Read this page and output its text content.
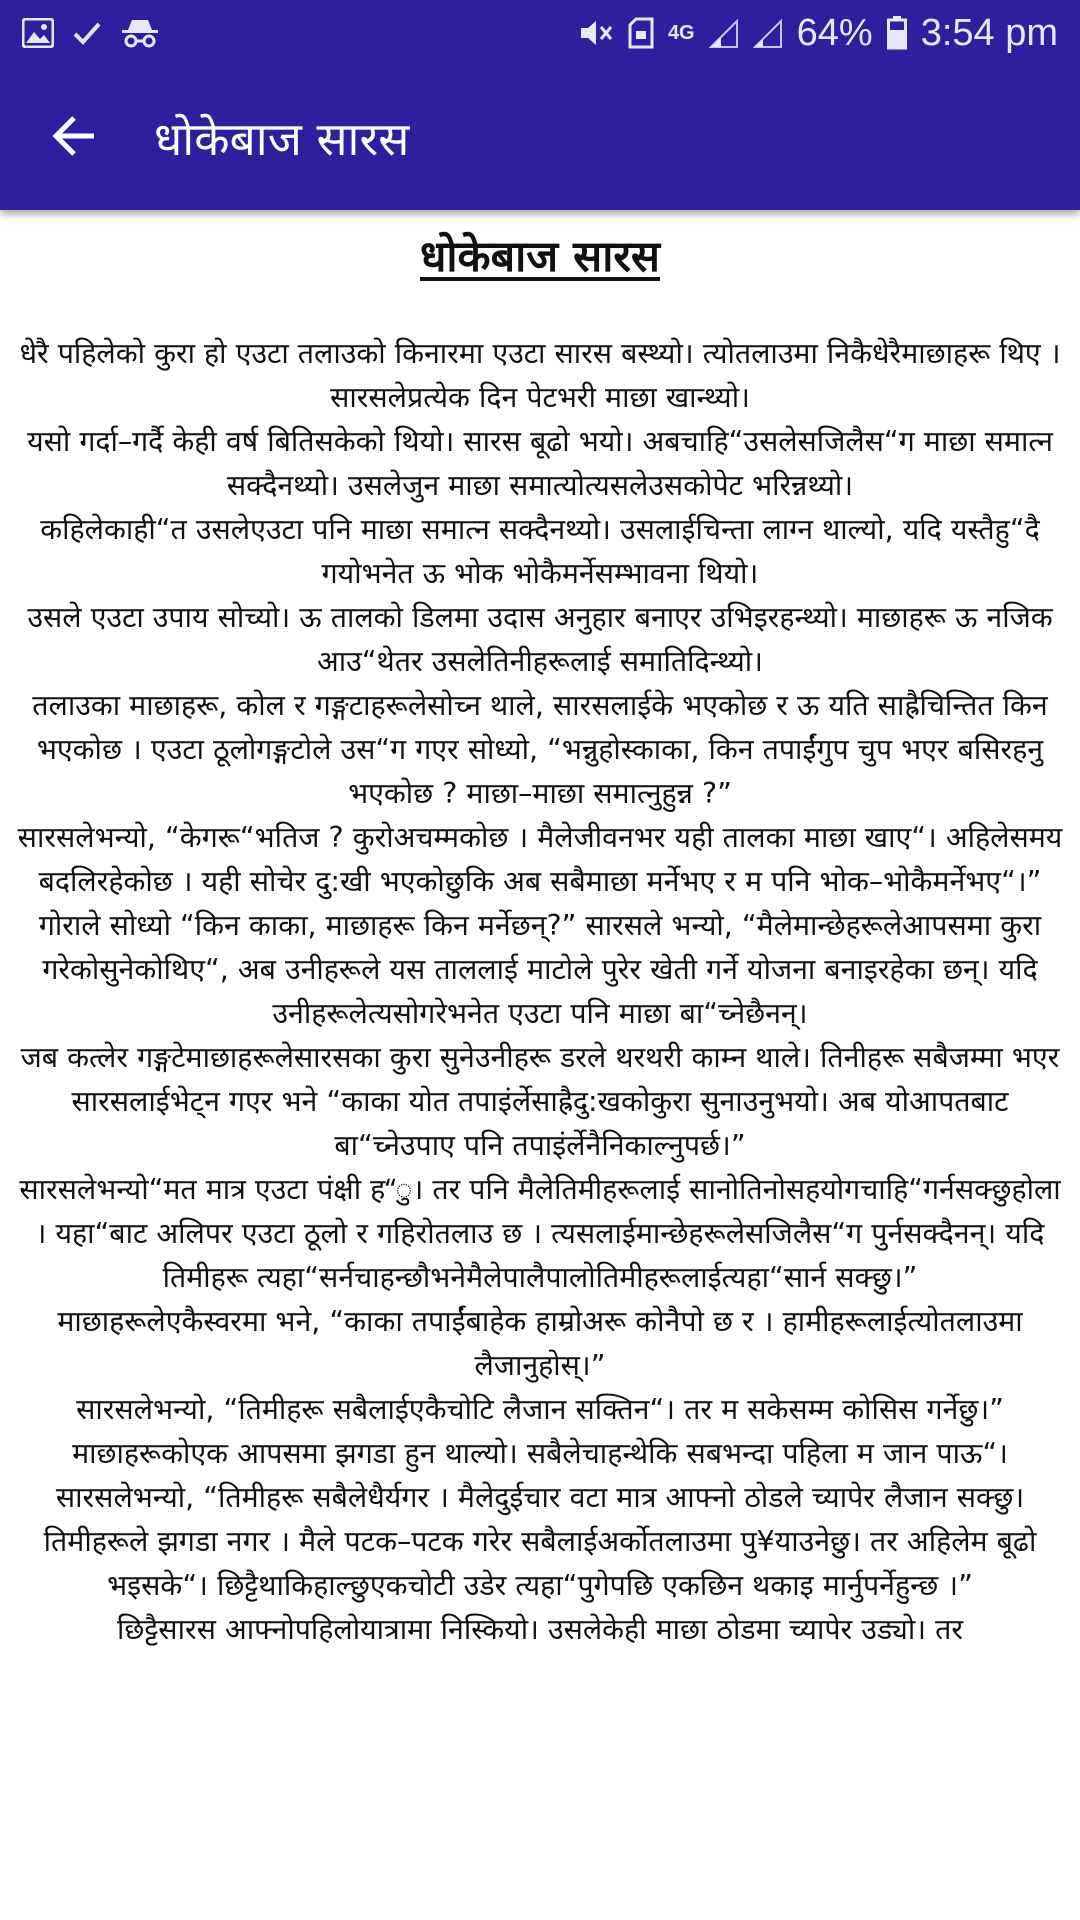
4G	64% 3:54 pm
धोकेबाज सारस
धोकेबाज सारस

धेरै पहिलेको कुरा हो एउटा तलाउको किनारमा एउटा सारस बस्थ्यो। त्योतलाउमा निकैधेरैमाछाहरू थिए । सारसलेप्रत्येक दिन पेटभरी माछा खान्थ्यो।

यसो गर्दा–गर्दै केही वर्ष बितिसकेको थियो। सारस बूढो भयो। अबचाहि“उसलेसजिलैस“ग माछा समात्न सक्दैनथ्यो। उसलेजुन माछा समात्योत्यसलेउसकोपेट भरिन्नथ्यो।

कहिलेकाही“त उसलेएउटा पनि माछा समात्न सक्दैनथ्यो। उसलाईचिन्ता लाग्न थाल्यो, यदि यस्तैहु“दै गयोभनेत ऊ भोक भोकैमर्नेसम्भावना थियो।

उसले एउटा उपाय सोच्यो। ऊ तालको डिलमा उदास अनुहार बनाएर उभिइरहन्थ्यो। माछाहरू ऊ नजिक आउ“थेतर उसलेतिनीहरूलाई समातिदिन्थ्यो।

तलाउका माछाहरू, कोल र गङ्गटाहरूलेसोच्न थाले, सारसलाईके भएकोछ र ऊ यति साह्रैचिन्तित किन भएकोछ । एउटा ठूलोगङ्गटोले उस“ग गएर सोध्यो, “भन्नुहोस्काका, किन तपाईंगुप चुप भएर बसिरहनु भएकोछ ? माछा–माछा समात्नुहुन्न ?”

सारसलेभन्यो, “केगरू“भतिज ? कुरोअचम्मकोछ । मैलेजीवनभर यही तालका माछा खाए“। अहिलेसमय बदलिरहेकोछ । यही सोचेर दु:खी भएकोछुकि अब सबैमाछा मर्नेभए र म पनि भोक–भोकैमर्नेभए“।”

गोराले सोध्यो “किन काका, माछाहरू किन मर्नेछन्?” सारसले भन्यो, “मैलेमान्छेहरूलेआपसमा कुरा गरेकोसुनेकोथिए“, अब उनीहरूले यस ताललाई माटोले पुरेर खेती गर्ने योजना बनाइरहेका छन्। यदि उनीहरूलेत्यसोगरेभनेत एउटा पनि माछा बा“च्नेछैनन्।

जब कत्लेर गङ्गटेमाछाहरूलेसारसका कुरा सुनेउनीहरू डरले थरथरी काम्न थाले। तिनीहरू सबैजम्मा भएर सारसलाईभेट्न गएर भने “काका योत तपाइंर्लेसाह्रैदु:खकोकुरा सुनाउनुभयो। अब योआपतबाट बा“च्नेउपाए पनि तपाइंर्लेनैनिकाल्नुपर्छ।”

सारसलेभन्यो“मत मात्र एउटा पंक्षी ह“ु। तर पनि मैलेतिमीहरूलाई सानोतिनोसहयोगचाहि“गर्नसक्छुहोला । यहा“बाट अलिपर एउटा ठूलो र गहिरोतलाउ छ । त्यसलाईमान्छेहरूलेसजिलैस“ग पुर्नसक्दैनन्। यदि तिमीहरू त्यहा“सर्नचाहन्छौभनेमैलेपालैपालोतिमीहरूलाईत्यहा“सार्न सक्छु।”

माछाहरूलेएकैस्वरमा भने, “काका तपाईंबाहेक हाम्रोअरू कोनैपो छ र । हामीहरूलाईत्योतलाउमा लैजानुहोस्।”

सारसलेभन्यो, “तिमीहरू सबैलाईएकैचोटि लैजान सक्तिन“। तर म सकेसम्म कोसिस गर्नेछु।”

माछाहरूकोएक आपसमा झगडा हुन थाल्यो। सबैलेचाहन्थेकि सबभन्दा पहिला म जान पाऊ“।

सारसलेभन्यो, “तिमीहरू सबैलेधैर्यगर । मैलेदुईचार वटा मात्र आफ्नो ठोडले च्यापेर लैजान सक्छु। तिमीहरूले झगडा नगर । मैले पटक–पटक गरेर सबैलाईअर्कोतलाउमा पु¥याउनेछु। तर अहिलेम बूढो भइसके“। छिट्टैथाकिहाल्छुएकचोटी उडेर त्यहा“पुगेपछि एकछिन थकाइ मार्नुपर्नेहुन्छ ।”

छिट्टैसारस आफ्नोपहिलोयात्रामा निस्कियो। उसलेकेही माछा ठोडमा च्यापेर उड्यो। तर
